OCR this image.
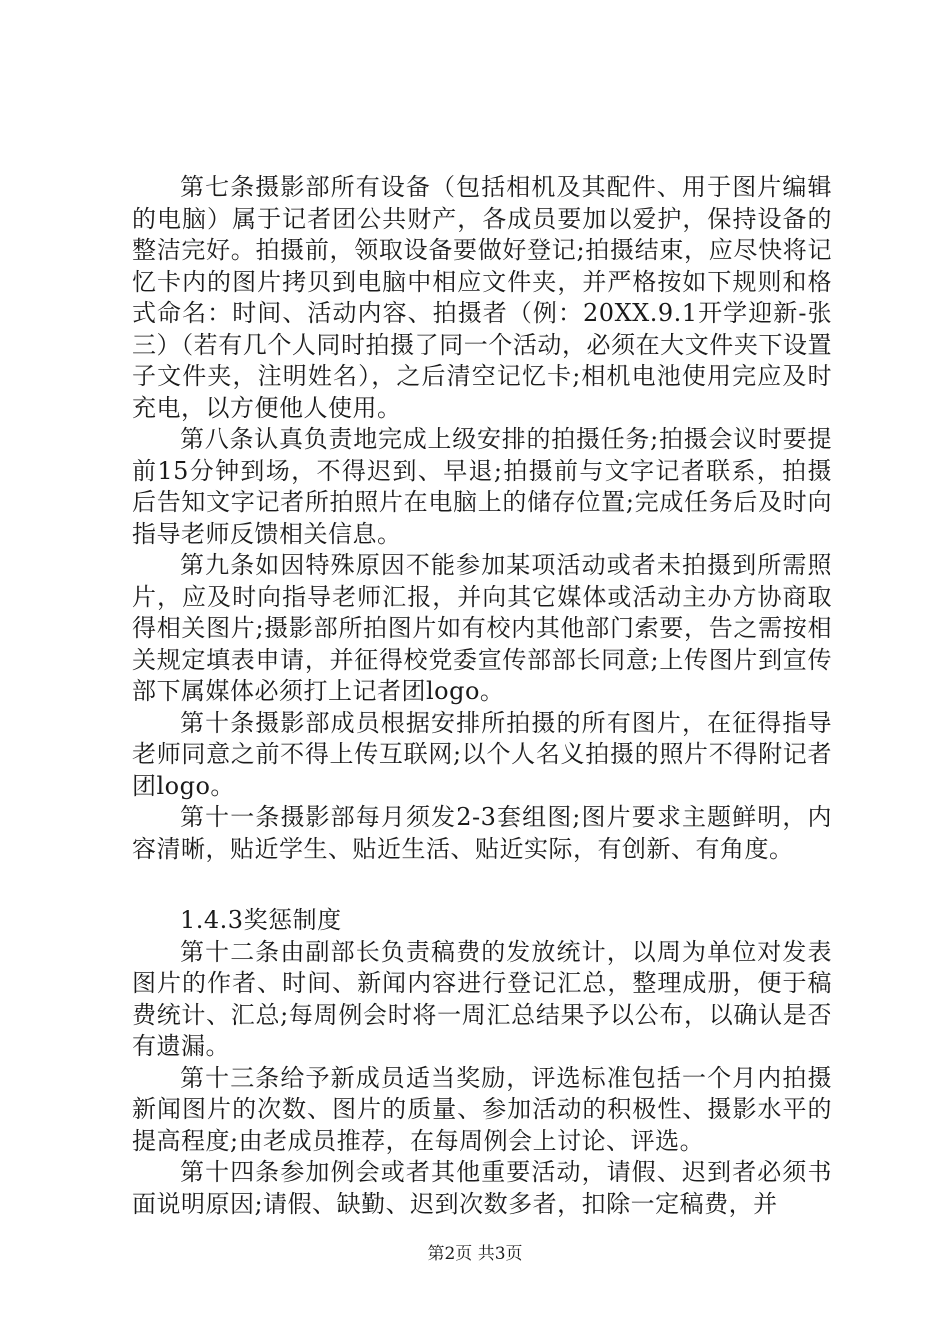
第七条摄影部所有设备（包括相机及其配件、用于图片编辑的电脑）属于记者团公共财产，各成员要加以爱护，保持设备的整洁完好。拍摄前，领取设备要做好登记;拍摄结束，应尽快将记忆卡内的图片拷贝到电脑中相应文件夹，并严格按如下规则和格式命名：时间、活动内容、拍摄者（例：20XX.9.1开学迎新-张三）（若有几个人同时拍摄了同一个活动，必须在大文件夹下设置子文件夹，注明姓名），之后清空记忆卡;相机电池使用完应及时充电，以方便他人使用。

第八条认真负责地完成上级安排的拍摄任务;拍摄会议时要提前15分钟到场，不得迟到、早退;拍摄前与文字记者联系，拍摄后告知文字记者所拍照片在电脑上的储存位置;完成任务后及时向指导老师反馈相关信息。

第九条如因特殊原因不能参加某项活动或者未拍摄到所需照片，应及时向指导老师汇报，并向其它媒体或活动主办方协商取得相关图片;摄影部所拍图片如有校内其他部门索要，告之需按相关规定填表申请，并征得校党委宣传部部长同意;上传图片到宣传部下属媒体必须打上记者团logo。

第十条摄影部成员根据安排所拍摄的所有图片，在征得指导老师同意之前不得上传互联网;以个人名义拍摄的照片不得附记者团logo。

第十一条摄影部每月须发2-3套组图;图片要求主题鲜明，内容清晰，贴近学生、贴近生活、贴近实际，有创新、有角度。

1.4.3奖惩制度

第十二条由副部长负责稿费的发放统计，以周为单位对发表图片的作者、时间、新闻内容进行登记汇总，整理成册，便于稿费统计、汇总;每周例会时将一周汇总结果予以公布，以确认是否有遗漏。

第十三条给予新成员适当奖励，评选标准包括一个月内拍摄新闻图片的次数、图片的质量、参加活动的积极性、摄影水平的提高程度;由老成员推荐，在每周例会上讨论、评选。

第十四条参加例会或者其他重要活动，请假、迟到者必须书面说明原因;请假、缺勤、迟到次数多者，扣除一定稿费，并

第2页 共3页
